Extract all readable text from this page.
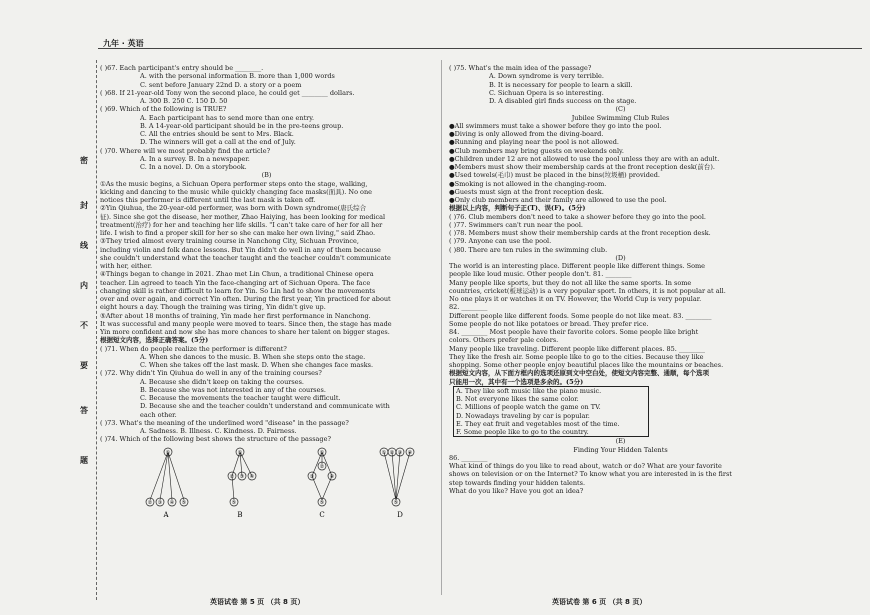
九年 · 英语
密
封
线
内
不
要
答
题
( )67. Each participant's entry should be ________.
A. with the personal information B. more than 1,000 words
C. sent before January 22nd D. a story or a poem
( )68. If 21-year-old Tony won the second place, he could get ________ dollars.
A. 300 B. 250 C. 150 D. 50
( )69. Which of the following is TRUE?
A. Each participant has to send more than one entry.
B. A 14-year-old participant should be in the pre-teens group.
C. All the entries should be sent to Mrs. Black.
D. The winners will get a call at the end of July.
( )70. Where will we most probably find the article?
A. In a survey. B. In a newspaper.
C. In a novel. D. On a storybook.
(B)
①As the music begins, a Sichuan Opera performer steps onto the stage, walking,
kicking and dancing to the music while quickly changing face masks(面具). No one
notices this performer is different until the last mask is taken off.
②Yin Qiuhua, the 20-year-old performer, was born with Down syndrome(唐氏综合
征). Since she got the disease, her mother, Zhao Haiying, has been looking for medical
treatment(治疗) for her and teaching her life skills. "I can't take care of her for all her
life. I wish to find a proper skill for her so she can make her own living," said Zhao.
③They tried almost every training course in Nanchong City, Sichuan Province,
including violin and folk dance lessons. But Yin didn't do well in any of them because
she couldn't understand what the teacher taught and the teacher couldn't communicate
with her, either.
④Things began to change in 2021. Zhao met Lin Chun, a traditional Chinese opera
teacher. Lin agreed to teach Yin the face-changing art of Sichuan Opera. The face
changing skill is rather difficult to learn for Yin. So Lin had to show the movements
over and over again, and correct Yin often. During the first year, Yin practiced for about
eight hours a day. Though the training was tiring, Yin didn't give up.
⑤After about 18 months of training, Yin made her first performance in Nanchong.
It was successful and many people were moved to tears. Since then, the stage has made
Yin more confident and now she has more chances to share her talent on bigger stages.
根据短文内容，选择正确答案。(5分)
( )71. When do people realize the performer is different?
A. When she dances to the music. B. When she steps onto the stage.
C. When she takes off the last mask. D. When she changes face masks.
( )72. Why didn't Yin Qiuhua do well in any of the training courses?
A. Because she didn't keep on taking the courses.
B. Because she was not interested in any of the courses.
C. Because the movements the teacher taught were difficult.
D. Because she and the teacher couldn't understand and communicate with
each other.
( )73. What's the meaning of the underlined word "disease" in the passage?
A. Sadness. B. Illness. C. Kindness. D. Fairness.
( )74. Which of the following best shows the structure of the passage?
①
② ③ ④ ⑤
A
①
② ③ ④
⑤
B
①
②
③	④
⑤
C
① ② ③ ④
⑤
D
( )75. What's the main idea of the passage?
A. Down syndrome is very terrible.
B. It is necessary for people to learn a skill.
C. Sichuan Opera is so interesting.
D. A disabled girl finds success on the stage.
(C)
Jubilee Swimming Club Rules
●All swimmers must take a shower before they go into the pool.
●Diving is only allowed from the diving-board.
●Running and playing near the pool is not allowed.
●Club members may bring guests on weekends only.
●Children under 12 are not allowed to use the pool unless they are with an adult.
●Members must show their membership cards at the front reception desk(前台).
●Used towels(毛巾) must be placed in the bins(垃圾桶) provided.
●Smoking is not allowed in the changing-room.
●Guests must sign at the front reception desk.
●Only club members and their family are allowed to use the pool.
根据以上内容，判断句子正(T)、误(F)。(5分)
( )76. Club members don't need to take a shower before they go into the pool.
( )77. Swimmers can't run near the pool.
( )78. Members must show their membership cards at the front reception desk.
( )79. Anyone can use the pool.
( )80. There are ten rules in the swimming club.
(D)
The world is an interesting place. Different people like different things. Some
people like loud music. Other people don't. 81. ________
Many people like sports, but they do not all like the same sports. In some
countries, cricket(板球运动) is a very popular sport. In others, it is not popular at all.
No one plays it or watches it on TV. However, the World Cup is very popular.
82. ________
Different people like different foods. Some people do not like meat. 83. ________
Some people do not like potatoes or bread. They prefer rice.
84. ________ Most people have their favorite colors. Some people like bright
colors. Others prefer pale colors.
Many people like traveling. Different people like different places. 85. ________
They like the fresh air. Some people like to go to the cities. Because they like
shopping. Some other people enjoy beautiful places like the mountains or beaches.
根据短文内容，从下面方框内的选项还原到文中空白处，使短文内容完整、通顺，每个选项
只能用一次，其中有一个选项是多余的。(5分)
A. They like soft music like the piano music.
B. Not everyone likes the same color.
C. Millions of people watch the game on TV.
D. Nowadays traveling by car is popular.
E. They eat fruit and vegetables most of the time.
F. Some people like to go to the country.
(E)
Finding Your Hidden Talents
86. ________
What kind of things do you like to read about, watch or do? What are your favorite
shows on television or on the Internet? To know what you are interested in is the first
step towards finding your hidden talents.
What do you like? Have you got an idea?
英语试卷 第 5 页 （共 8 页）	英语试卷 第 6 页 （共 8 页）
